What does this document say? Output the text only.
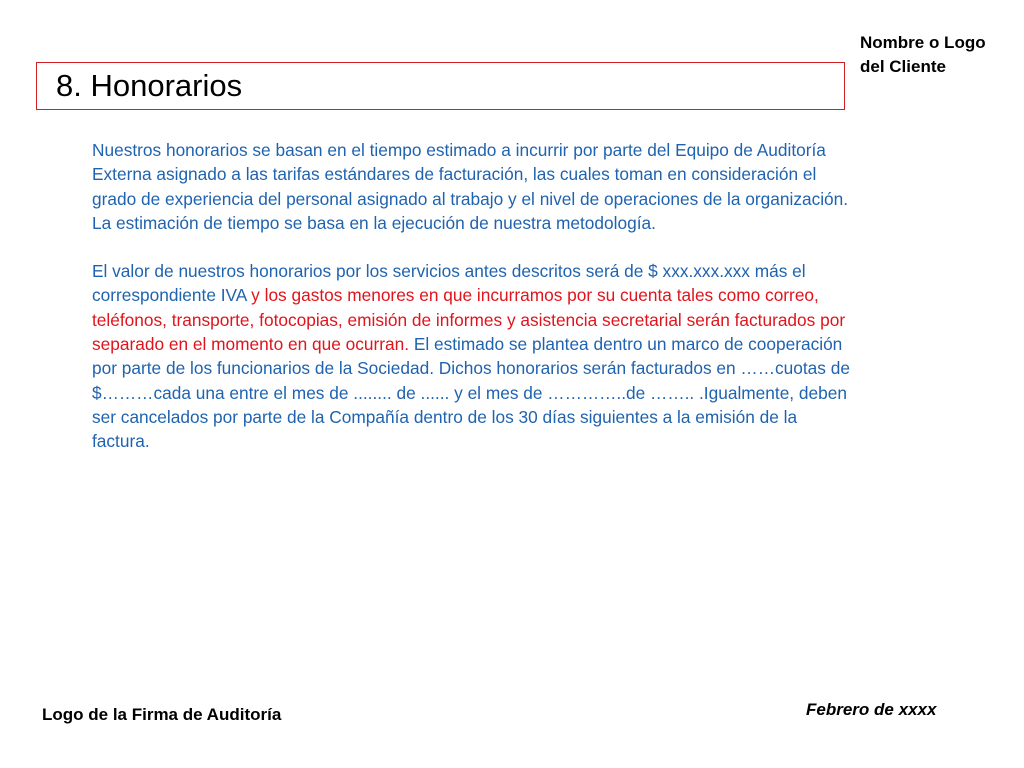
Nombre o Logo
del Cliente
8. Honorarios

Nuestros honorarios se basan en el tiempo estimado a incurrir por parte del Equipo de Auditoría Externa asignado a las tarifas estándares de facturación, las cuales toman en consideración el grado de experiencia del personal asignado al trabajo y el nivel de operaciones de la organización. La estimación de tiempo se basa en la ejecución de nuestra metodología.

El valor de nuestros honorarios por los servicios antes descritos será de $ xxx.xxx.xxx más el correspondiente IVA y los gastos menores en que incurramos por su cuenta tales como correo, teléfonos, transporte, fotocopias, emisión de informes y asistencia secretarial serán facturados por separado en el momento en que ocurran. El estimado se plantea dentro un marco de cooperación por parte de los funcionarios de la Sociedad. Dichos honorarios serán facturados en ……cuotas de $………cada una entre el mes de ........ de ...... y el mes de …………..de …….. .Igualmente, deben ser cancelados por parte de la Compañía dentro de los 30 días siguientes a la emisión de la factura.

Logo de la Firma de Auditoría	Febrero de xxxx
